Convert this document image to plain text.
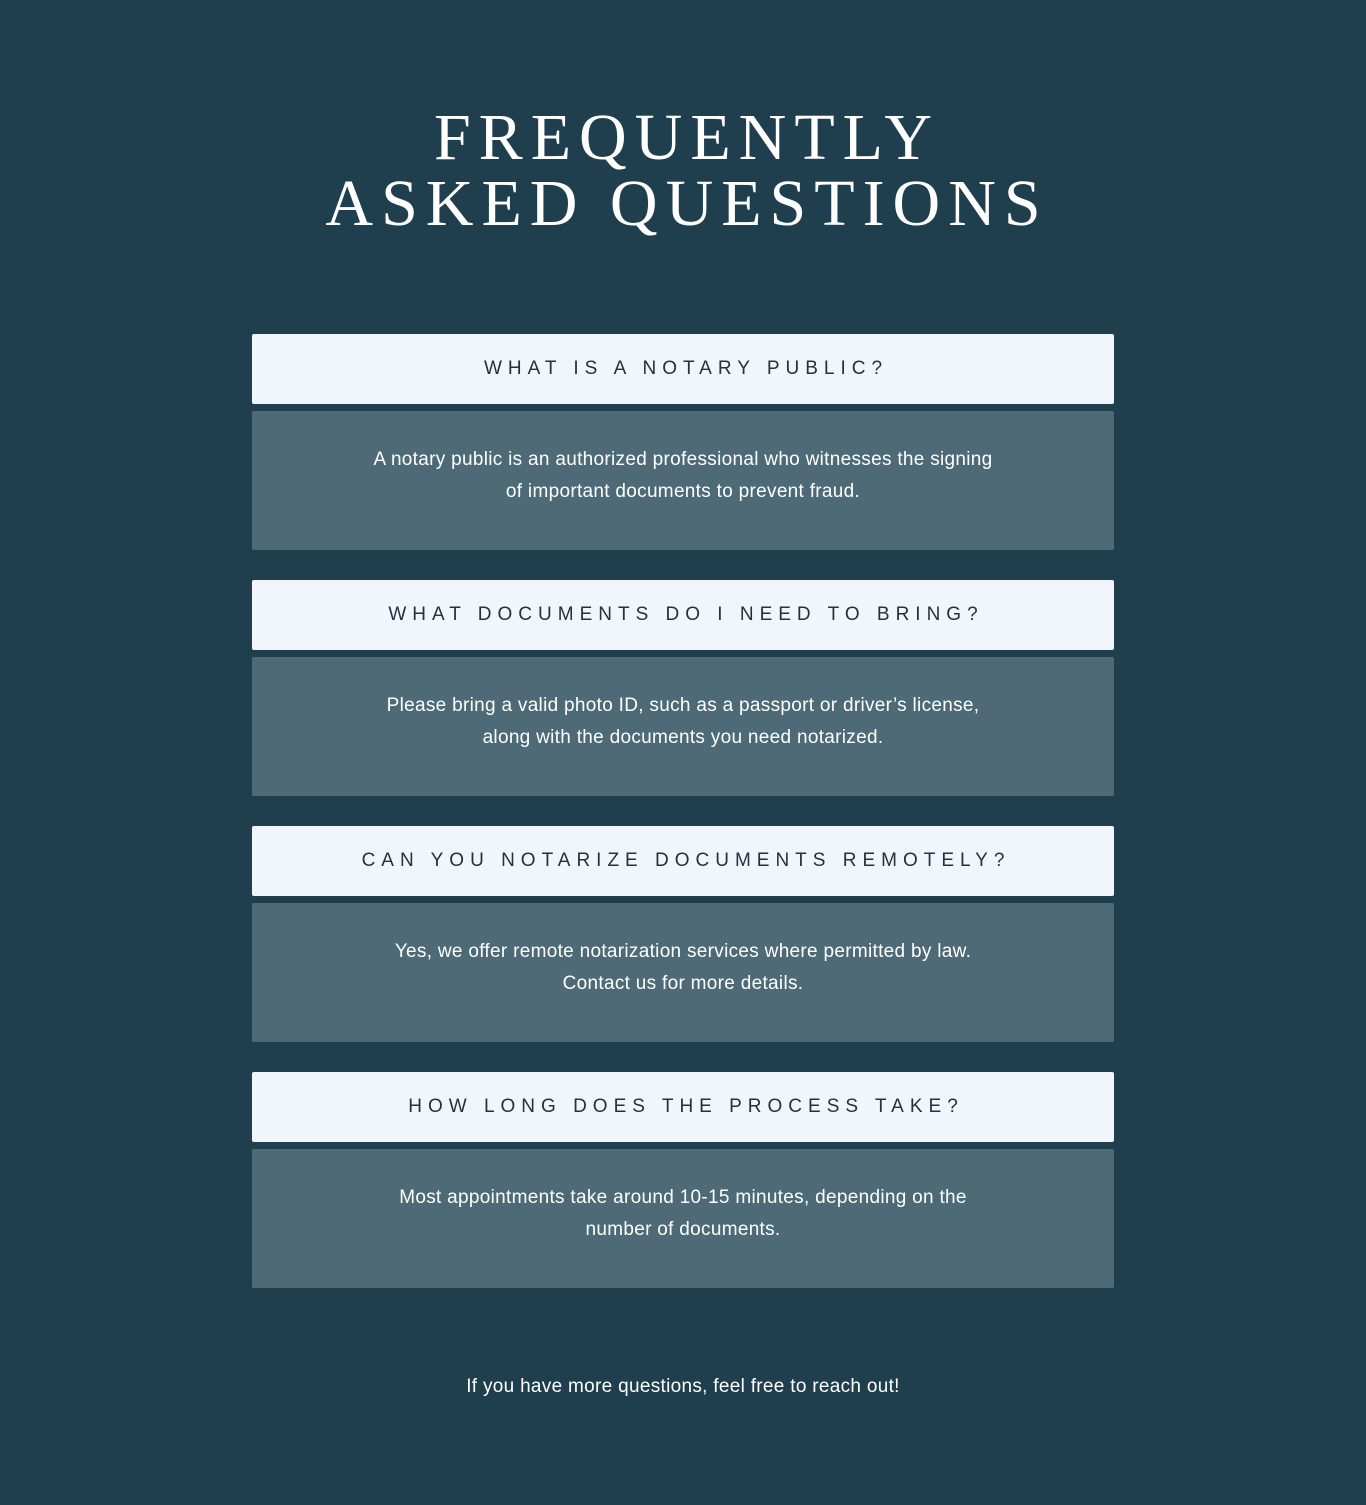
FREQUENTLY
ASKED QUESTIONS
WHAT IS A NOTARY PUBLIC?
A notary public is an authorized professional who witnesses the signing of important documents to prevent fraud.
WHAT DOCUMENTS DO I NEED TO BRING?
Please bring a valid photo ID, such as a passport or driver’s license, along with the documents you need notarized.
CAN YOU NOTARIZE DOCUMENTS REMOTELY?
Yes, we offer remote notarization services where permitted by law. Contact us for more details.
HOW LONG DOES THE PROCESS TAKE?
Most appointments take around 10-15 minutes, depending on the number of documents.
If you have more questions, feel free to reach out!
